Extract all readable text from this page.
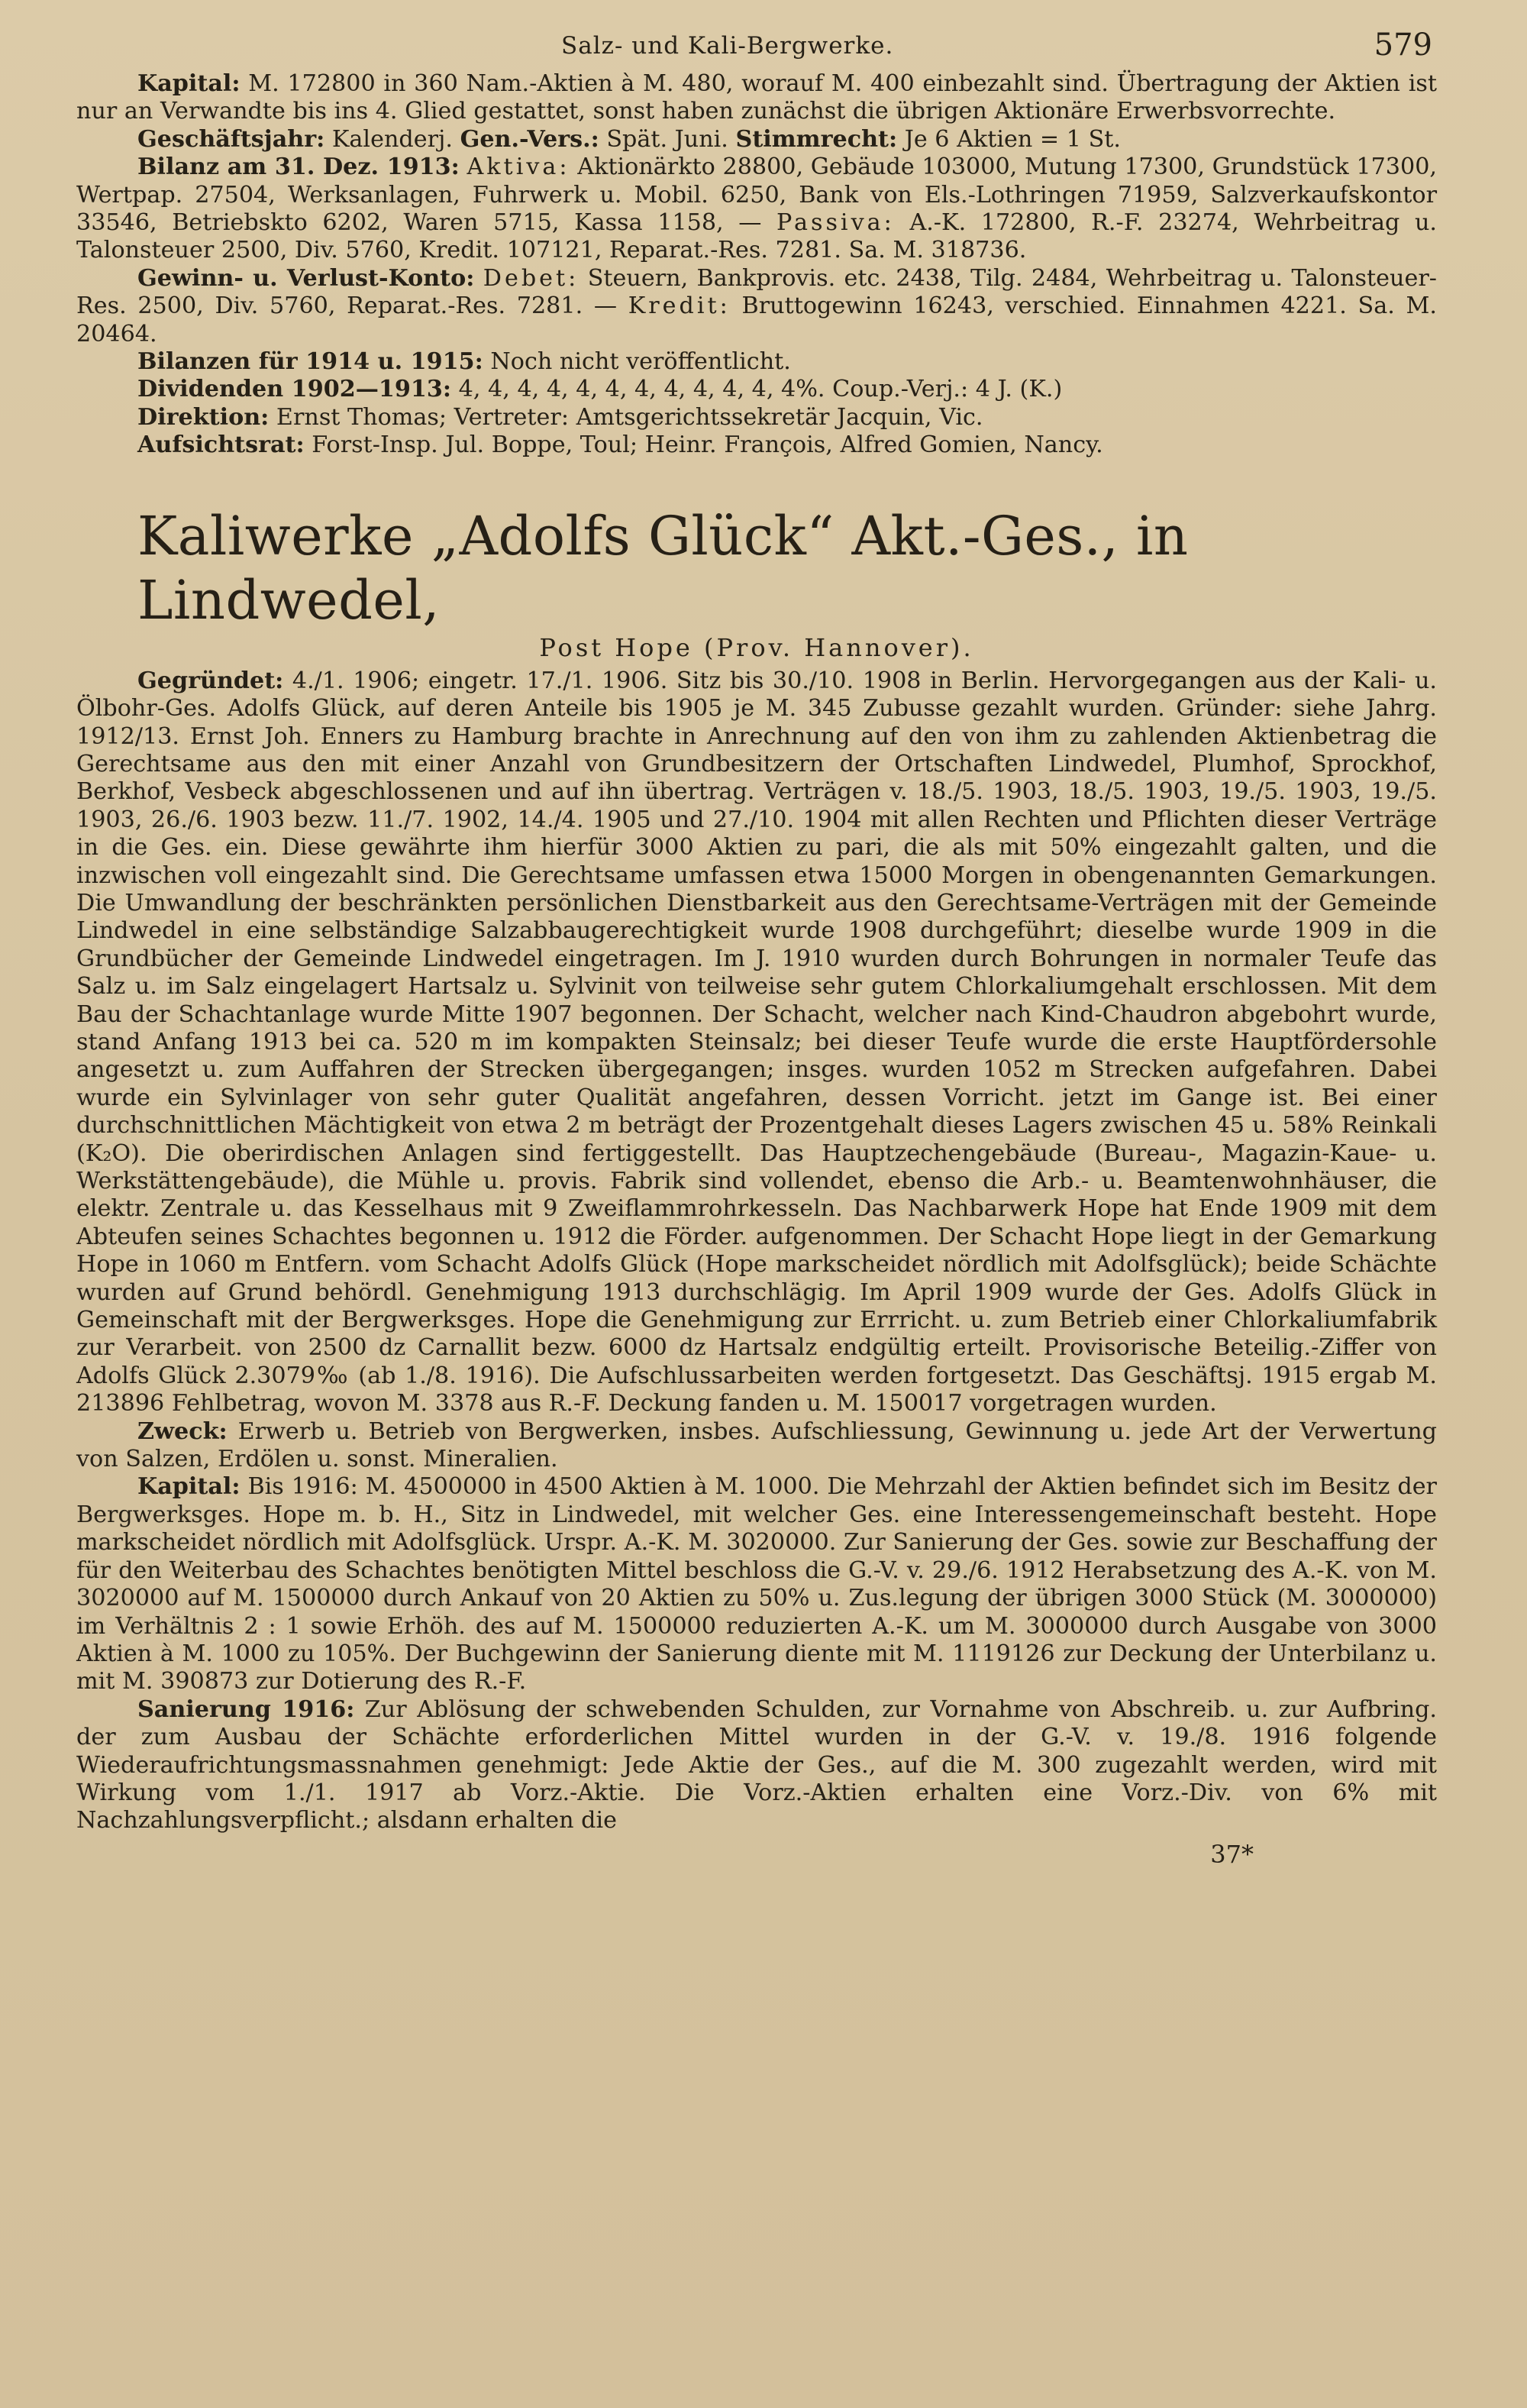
Salz- und Kali-Bergwerke.	579

Kapital: M. 172800 in 360 Nam.-Aktien à M. 480, worauf M. 400 einbezahlt sind. Übertragung der Aktien ist nur an Verwandte bis ins 4. Glied gestattet, sonst haben zunächst die übrigen Aktionäre Erwerbsvorrechte.

Geschäftsjahr: Kalenderj. Gen.-Vers.: Spät. Juni. Stimmrecht: Je 6 Aktien = 1 St.

Bilanz am 31. Dez. 1913: Aktiva: Aktionärkto 28800, Gebäude 103000, Mutung 17300, Grundstück 17300, Wertpap. 27504, Werksanlagen, Fuhrwerk u. Mobil. 6250, Bank von Els.-Lothringen 71959, Salzverkaufskontor 33546, Betriebskto 6202, Waren 5715, Kassa 1158, — Passiva: A.-K. 172800, R.-F. 23274, Wehrbeitrag u. Talonsteuer 2500, Div. 5760, Kredit. 107121, Reparat.-Res. 7281. Sa. M. 318736.

Gewinn- u. Verlust-Konto: Debet: Steuern, Bankprovis. etc. 2438, Tilg. 2484, Wehrbeitrag u. Talonsteuer-Res. 2500, Div. 5760, Reparat.-Res. 7281. — Kredit: Bruttogewinn 16243, verschied. Einnahmen 4221. Sa. M. 20464.

Bilanzen für 1914 u. 1915: Noch nicht veröffentlicht.

Dividenden 1902—1913: 4, 4, 4, 4, 4, 4, 4, 4, 4, 4, 4, 4%. Coup.-Verj.: 4 J. (K.)

Direktion: Ernst Thomas; Vertreter: Amtsgerichtssekretär Jacquin, Vic.

Aufsichtsrat: Forst-Insp. Jul. Boppe, Toul; Heinr. François, Alfred Gomien, Nancy.

Kaliwerke „Adolfs Glück“ Akt.-Ges., in Lindwedel,
Post Hope (Prov. Hannover).

Gegründet: 4./1. 1906; eingetr. 17./1. 1906. Sitz bis 30./10. 1908 in Berlin. Hervorgegangen aus der Kali- u. Ölbohr-Ges. Adolfs Glück, auf deren Anteile bis 1905 je M. 345 Zubusse gezahlt wurden. Gründer: siehe Jahrg. 1912/13. Ernst Joh. Enners zu Hamburg brachte in Anrechnung auf den von ihm zu zahlenden Aktienbetrag die Gerechtsame aus den mit einer Anzahl von Grundbesitzern der Ortschaften Lindwedel, Plumhof, Sprockhof, Berkhof, Vesbeck abgeschlossenen und auf ihn übertrag. Verträgen v. 18./5. 1903, 18./5. 1903, 19./5. 1903, 19./5. 1903, 26./6. 1903 bezw. 11./7. 1902, 14./4. 1905 und 27./10. 1904 mit allen Rechten und Pflichten dieser Verträge in die Ges. ein. Diese gewährte ihm hierfür 3000 Aktien zu pari, die als mit 50% eingezahlt galten, und die inzwischen voll eingezahlt sind. Die Gerechtsame umfassen etwa 15000 Morgen in obengenannten Gemarkungen. Die Umwandlung der beschränkten persönlichen Dienstbarkeit aus den Gerechtsame-Verträgen mit der Gemeinde Lindwedel in eine selbständige Salzabbaugerechtigkeit wurde 1908 durchgeführt; dieselbe wurde 1909 in die Grundbücher der Gemeinde Lindwedel eingetragen. Im J. 1910 wurden durch Bohrungen in normaler Teufe das Salz u. im Salz eingelagert Hartsalz u. Sylvinit von teilweise sehr gutem Chlorkaliumgehalt erschlossen. Mit dem Bau der Schachtanlage wurde Mitte 1907 begonnen. Der Schacht, welcher nach Kind-Chaudron abgebohrt wurde, stand Anfang 1913 bei ca. 520 m im kompakten Steinsalz; bei dieser Teufe wurde die erste Hauptfördersohle angesetzt u. zum Auffahren der Strecken übergegangen; insges. wurden 1052 m Strecken aufgefahren. Dabei wurde ein Sylvinlager von sehr guter Qualität angefahren, dessen Vorricht. jetzt im Gange ist. Bei einer durchschnittlichen Mächtigkeit von etwa 2 m beträgt der Prozentgehalt dieses Lagers zwischen 45 u. 58% Reinkali (K₂O). Die oberirdischen Anlagen sind fertiggestellt. Das Hauptzechengebäude (Bureau-, Magazin-Kaue- u. Werkstättengebäude), die Mühle u. provis. Fabrik sind vollendet, ebenso die Arb.- u. Beamtenwohnhäuser, die elektr. Zentrale u. das Kesselhaus mit 9 Zweiflammrohrkesseln. Das Nachbarwerk Hope hat Ende 1909 mit dem Abteufen seines Schachtes begonnen u. 1912 die Förder. aufgenommen. Der Schacht Hope liegt in der Gemarkung Hope in 1060 m Entfern. vom Schacht Adolfs Glück (Hope markscheidet nördlich mit Adolfsglück); beide Schächte wurden auf Grund behördl. Genehmigung 1913 durchschlägig. Im April 1909 wurde der Ges. Adolfs Glück in Gemeinschaft mit der Bergwerksges. Hope die Genehmigung zur Errricht. u. zum Betrieb einer Chlorkaliumfabrik zur Verarbeit. von 2500 dz Carnallit bezw. 6000 dz Hartsalz endgültig erteilt. Provisorische Beteilig.-Ziffer von Adolfs Glück 2.3079‰ (ab 1./8. 1916). Die Aufschlussarbeiten werden fortgesetzt. Das Geschäftsj. 1915 ergab M. 213896 Fehlbetrag, wovon M. 3378 aus R.-F. Deckung fanden u. M. 150017 vorgetragen wurden.

Zweck: Erwerb u. Betrieb von Bergwerken, insbes. Aufschliessung, Gewinnung u. jede Art der Verwertung von Salzen, Erdölen u. sonst. Mineralien.

Kapital: Bis 1916: M. 4500000 in 4500 Aktien à M. 1000. Die Mehrzahl der Aktien befindet sich im Besitz der Bergwerksges. Hope m. b. H., Sitz in Lindwedel, mit welcher Ges. eine Interessengemeinschaft besteht. Hope markscheidet nördlich mit Adolfsglück. Urspr. A.-K. M. 3020000. Zur Sanierung der Ges. sowie zur Beschaffung der für den Weiterbau des Schachtes benötigten Mittel beschloss die G.-V. v. 29./6. 1912 Herabsetzung des A.-K. von M. 3020000 auf M. 1500000 durch Ankauf von 20 Aktien zu 50% u. Zus.legung der übrigen 3000 Stück (M. 3000000) im Verhältnis 2 : 1 sowie Erhöh. des auf M. 1500000 reduzierten A.-K. um M. 3000000 durch Ausgabe von 3000 Aktien à M. 1000 zu 105%. Der Buchgewinn der Sanierung diente mit M. 1119126 zur Deckung der Unterbilanz u. mit M. 390873 zur Dotierung des R.-F.

Sanierung 1916: Zur Ablösung der schwebenden Schulden, zur Vornahme von Abschreib. u. zur Aufbring. der zum Ausbau der Schächte erforderlichen Mittel wurden in der G.-V. v. 19./8. 1916 folgende Wiederaufrichtungsmassnahmen genehmigt: Jede Aktie der Ges., auf die M. 300 zugezahlt werden, wird mit Wirkung vom 1./1. 1917 ab Vorz.-Aktie. Die Vorz.-Aktien erhalten eine Vorz.-Div. von 6% mit Nachzahlungsverpflicht.; alsdann erhalten die

37*
